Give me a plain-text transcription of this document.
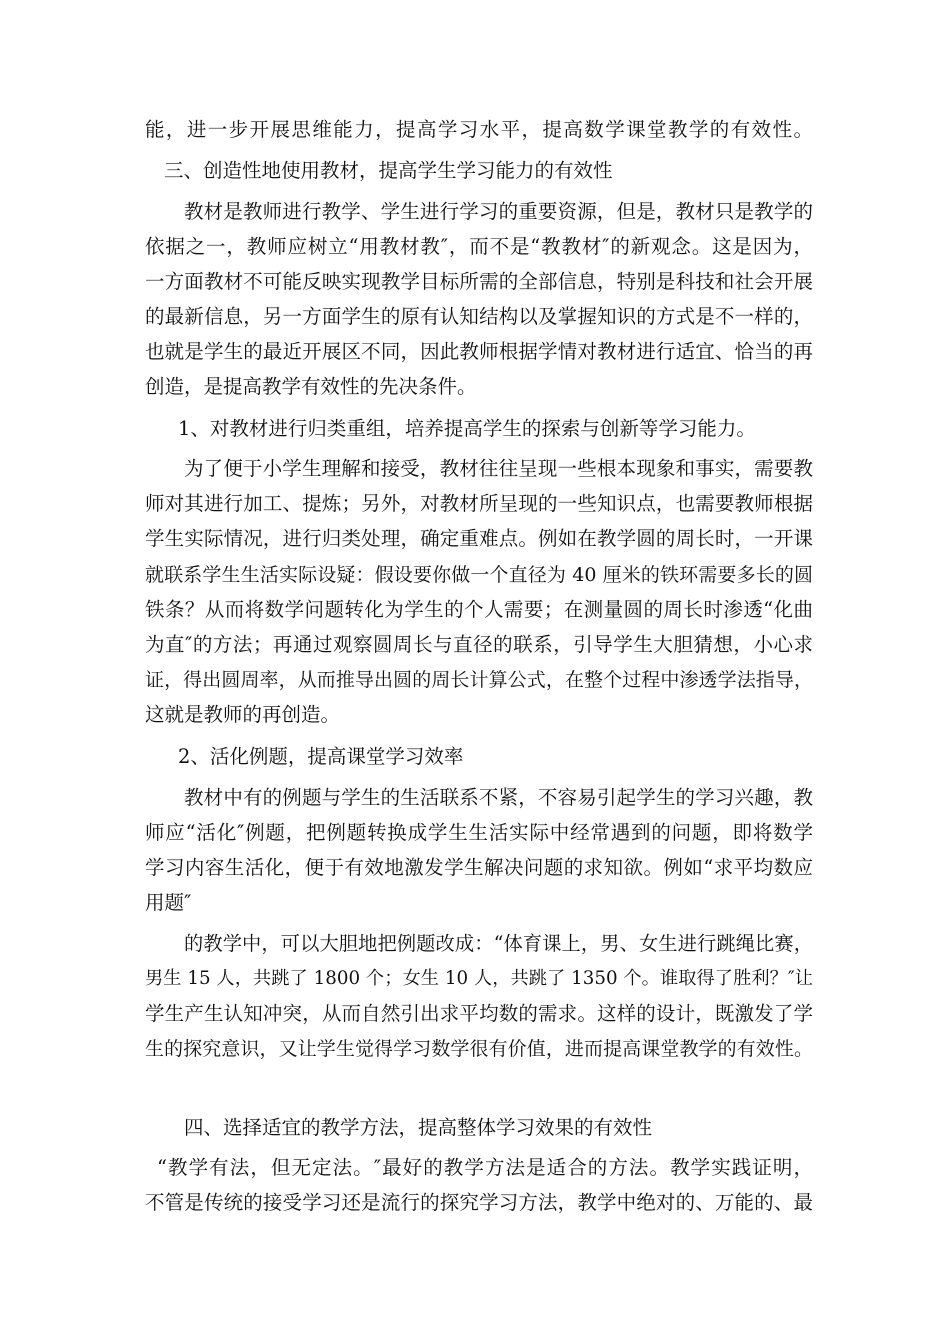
能，进一步开展思维能力，提高学习水平，提高数学课堂教学的有效性。
三、创造性地使用教材，提高学生学习能力的有效性
教材是教师进行教学、学生进行学习的重要资源，但是，教材只是教学的
依据之一，教师应树立“用教材教″，而不是“教教材″的新观念。这是因为，
一方面教材不可能反映实现教学目标所需的全部信息，特别是科技和社会开展
的最新信息，另一方面学生的原有认知结构以及掌握知识的方式是不一样的，
也就是学生的最近开展区不同，因此教师根据学情对教材进行适宜、恰当的再
创造，是提高教学有效性的先决条件。
1、对教材进行归类重组，培养提高学生的探索与创新等学习能力。
为了便于小学生理解和接受，教材往往呈现一些根本现象和事实，需要教
师对其进行加工、提炼；另外，对教材所呈现的一些知识点，也需要教师根据
学生实际情况，进行归类处理，确定重难点。例如在教学圆的周长时，一开课
就联系学生生活实际设疑：假设要你做一个直径为 40 厘米的铁环需要多长的圆
铁条？从而将数学问题转化为学生的个人需要；在测量圆的周长时渗透“化曲
为直″的方法；再通过观察圆周长与直径的联系，引导学生大胆猜想，小心求
证，得出圆周率，从而推导出圆的周长计算公式，在整个过程中渗透学法指导，
这就是教师的再创造。
2、活化例题，提高课堂学习效率
教材中有的例题与学生的生活联系不紧，不容易引起学生的学习兴趣，教
师应“活化″例题，把例题转换成学生生活实际中经常遇到的问题，即将数学
学习内容生活化，便于有效地激发学生解决问题的求知欲。例如“求平均数应
用题″
的教学中，可以大胆地把例题改成：“体育课上，男、女生进行跳绳比赛，
男生 15 人，共跳了 1800 个；女生 10 人，共跳了 1350 个。谁取得了胜利？″让
学生产生认知冲突，从而自然引出求平均数的需求。这样的设计，既激发了学
生的探究意识，又让学生觉得学习数学很有价值，进而提高课堂教学的有效性。
四、选择适宜的教学方法，提高整体学习效果的有效性
“教学有法，但无定法。″最好的教学方法是适合的方法。教学实践证明，
不管是传统的接受学习还是流行的探究学习方法，教学中绝对的、万能的、最
